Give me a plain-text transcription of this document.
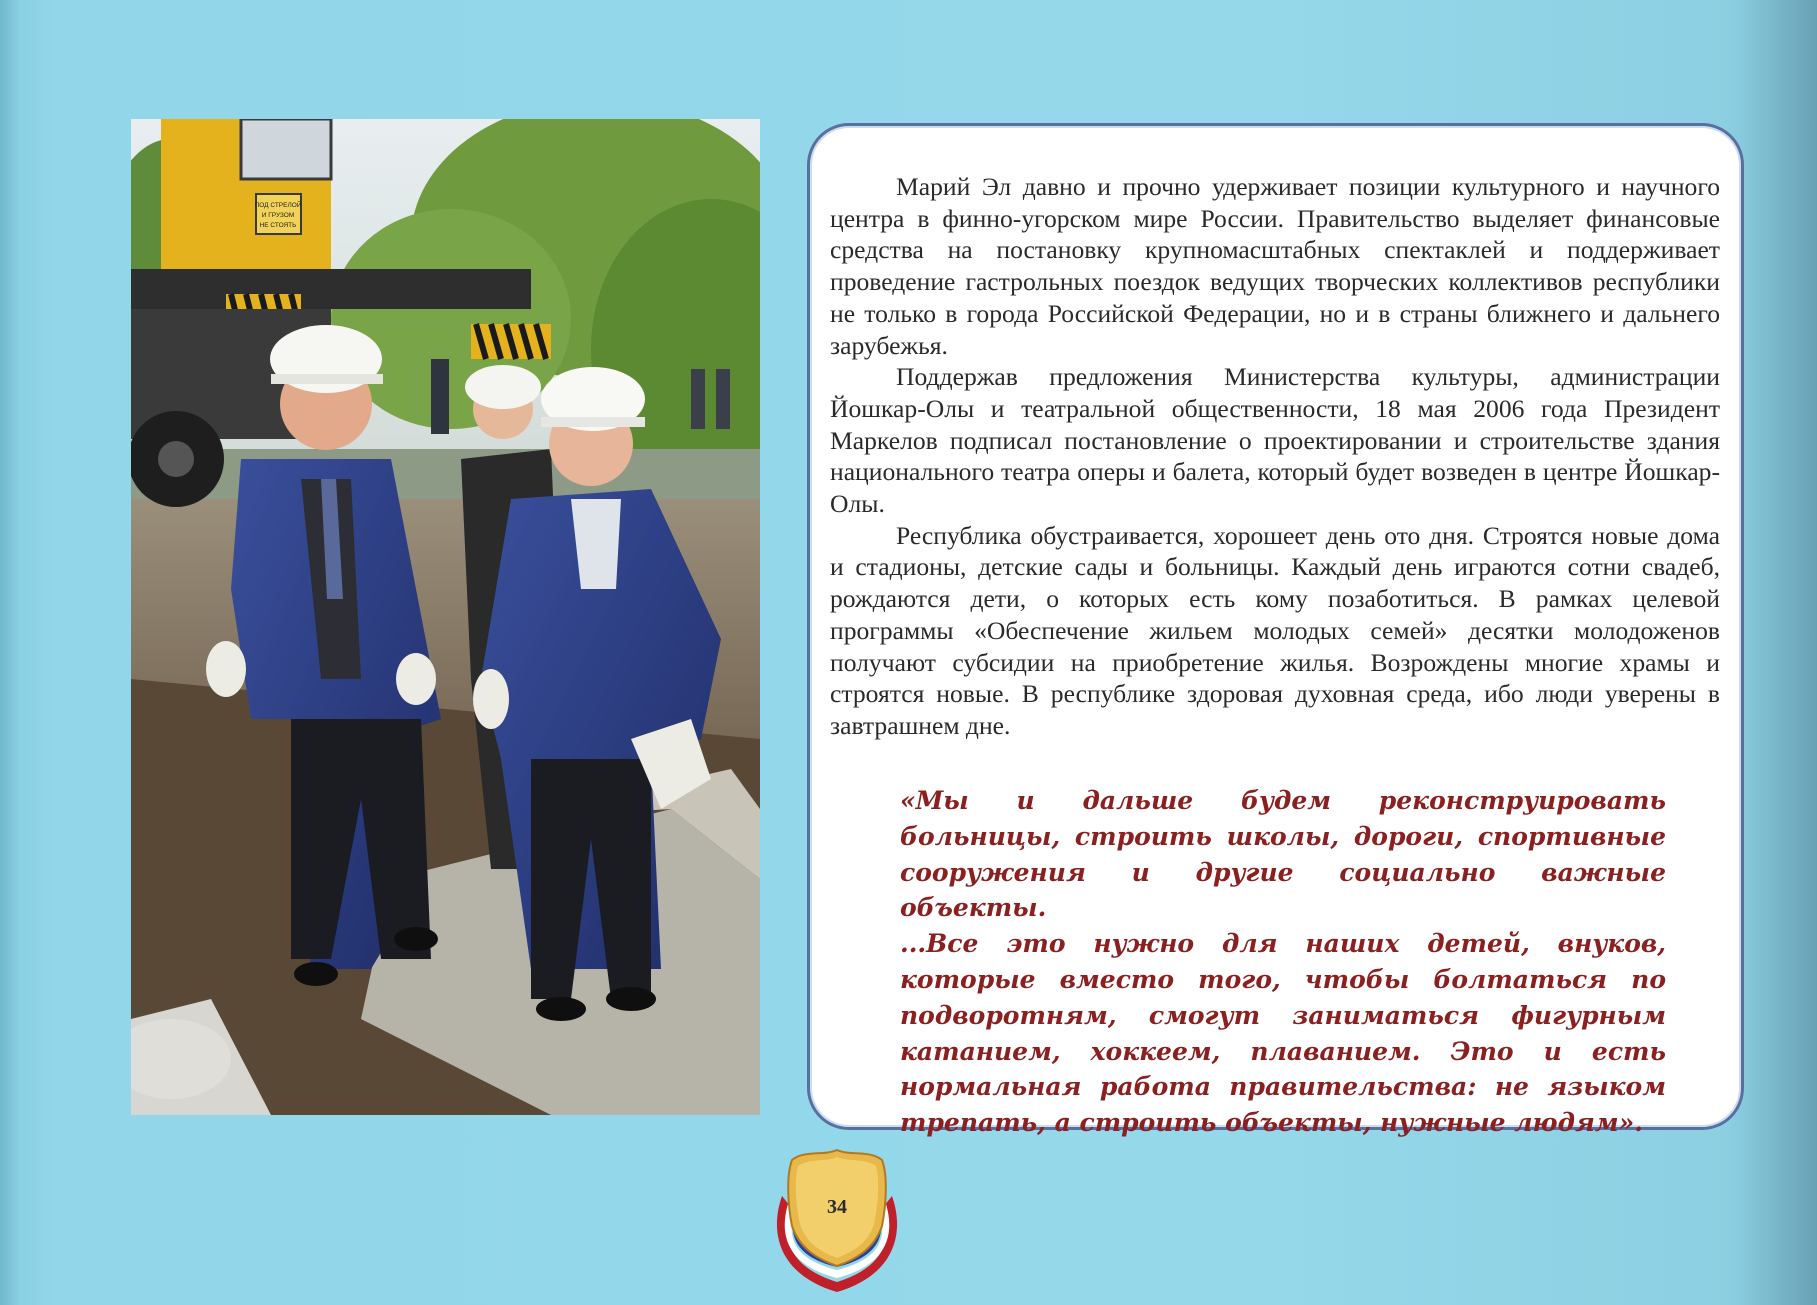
ПОД СТРЕЛОЙ
И ГРУЗОМ
НЕ СТОЯТЬ

Марий Эл давно и прочно удерживает позиции культурного и научного центра в финно-угорском мире России. Правительство выделяет финансовые средства на постановку крупномасштабных спектаклей и поддерживает проведение гастрольных поездок ведущих творческих коллективов республики не только в города Российской Федерации, но и в страны ближнего и дальнего зарубежья.

Поддержав предложения Министерства культуры, администрации Йошкар-Олы и театральной общественности, 18 мая 2006 года Президент Маркелов подписал постановление о проектировании и строительстве здания национального театра оперы и балета, который будет возведен в центре Йошкар-Олы.

Республика обустраивается, хорошеет день ото дня. Строятся новые дома и стадионы, детские сады и больницы. Каждый день играются сотни свадеб, рождаются дети, о которых есть кому позаботиться. В рамках целевой программы «Обеспечение жильем молодых семей» десятки молодоженов получают субсидии на приобретение жилья. Возрождены многие храмы и строятся новые. В республике здоровая духовная среда, ибо люди уверены в завтрашнем дне.

«Мы и дальше будем реконструировать больницы, строить школы, дороги, спортивные сооружения и другие социально важные объекты.

...Все это нужно для наших детей, внуков, которые вместо того, чтобы болтаться по подворотням, смогут заниматься фигурным катанием, хоккеем, плаванием. Это и есть нормальная работа правительства: не языком трепать, а строить объекты, нужные людям».

34
